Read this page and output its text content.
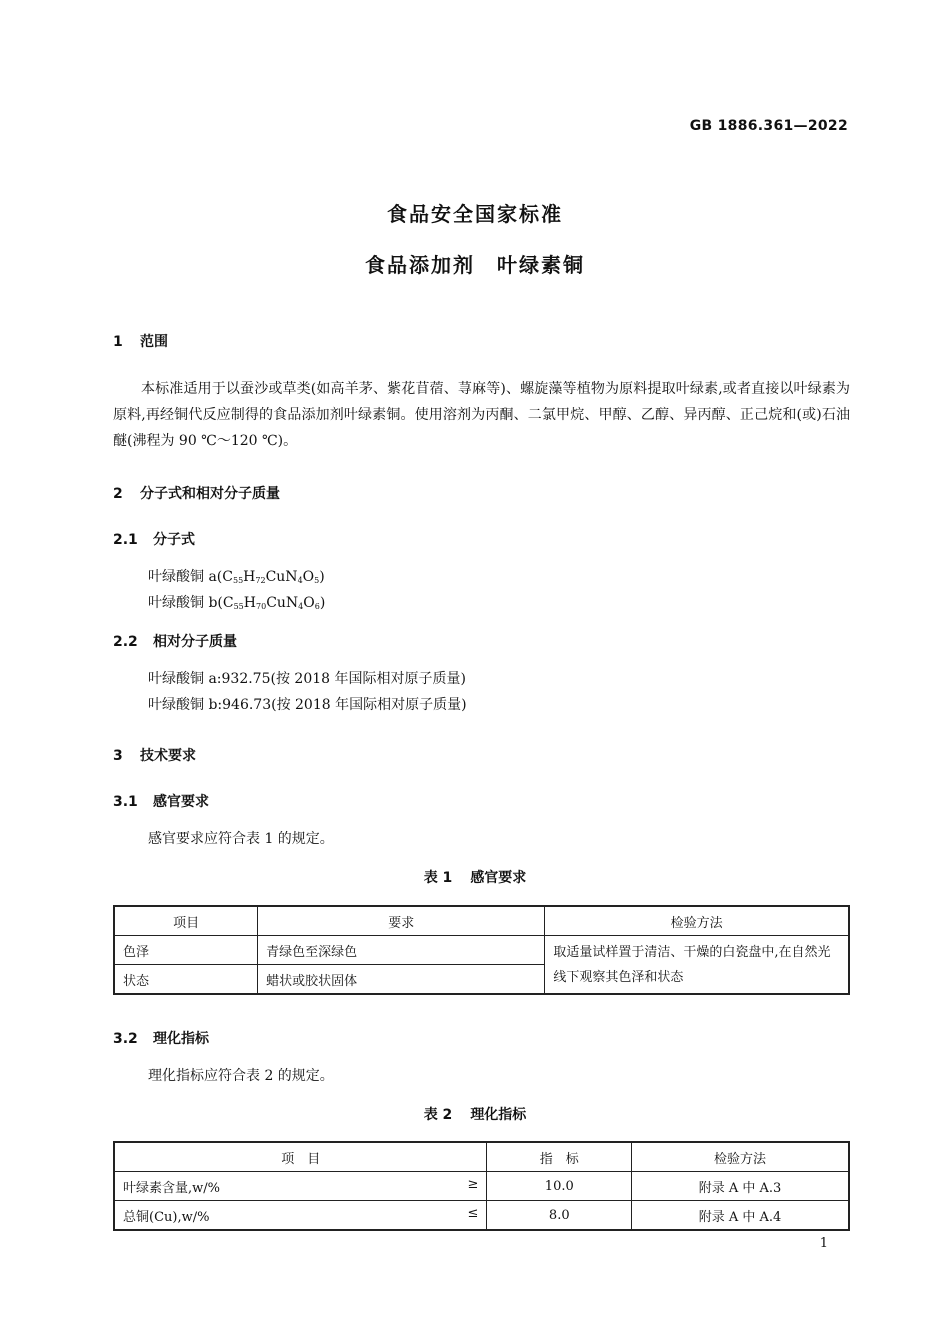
GB 1886.361—2022
食品安全国家标准
食品添加剂　叶绿素铜
1 范围

本标准适用于以蚕沙或草类(如高羊茅、紫花苜蓿、荨麻等)、螺旋藻等植物为原料提取叶绿素,或者直接以叶绿素为原料,再经铜代反应制得的食品添加剂叶绿素铜。使用溶剂为丙酮、二氯甲烷、甲醇、乙醇、异丙醇、正己烷和(或)石油醚(沸程为 90 ℃～120 ℃)。

2 分子式和相对分子质量
2.1 分子式
叶绿酸铜 $a(C_{55}H_{72}CuN_4O_5)$
叶绿酸铜 $b(C_{55}H_{70}CuN_4O_6)$
2.2 相对分子质量
叶绿酸铜 a:932.75(按 2018 年国际相对原子质量)
叶绿酸铜 b:946.73(按 2018 年国际相对原子质量)
3 技术要求
3.1 感官要求
感官要求应符合表 1 的规定。
表 1 感官要求
项目	要求	检验方法
色泽	青绿色至深绿色	取适量试样置于清洁、干燥的白瓷盘中,在自然光线下观察其色泽和状态
状态	蜡状或胶状固体	
3.2 理化指标
理化指标应符合表 2 的规定。
表 2 理化指标
项　目	指　标	检验方法
叶绿素含量,w/% ≥	10.0	附录 A 中 A.3
总铜(Cu),w/% ≤	8.0	附录 A 中 A.4
1
